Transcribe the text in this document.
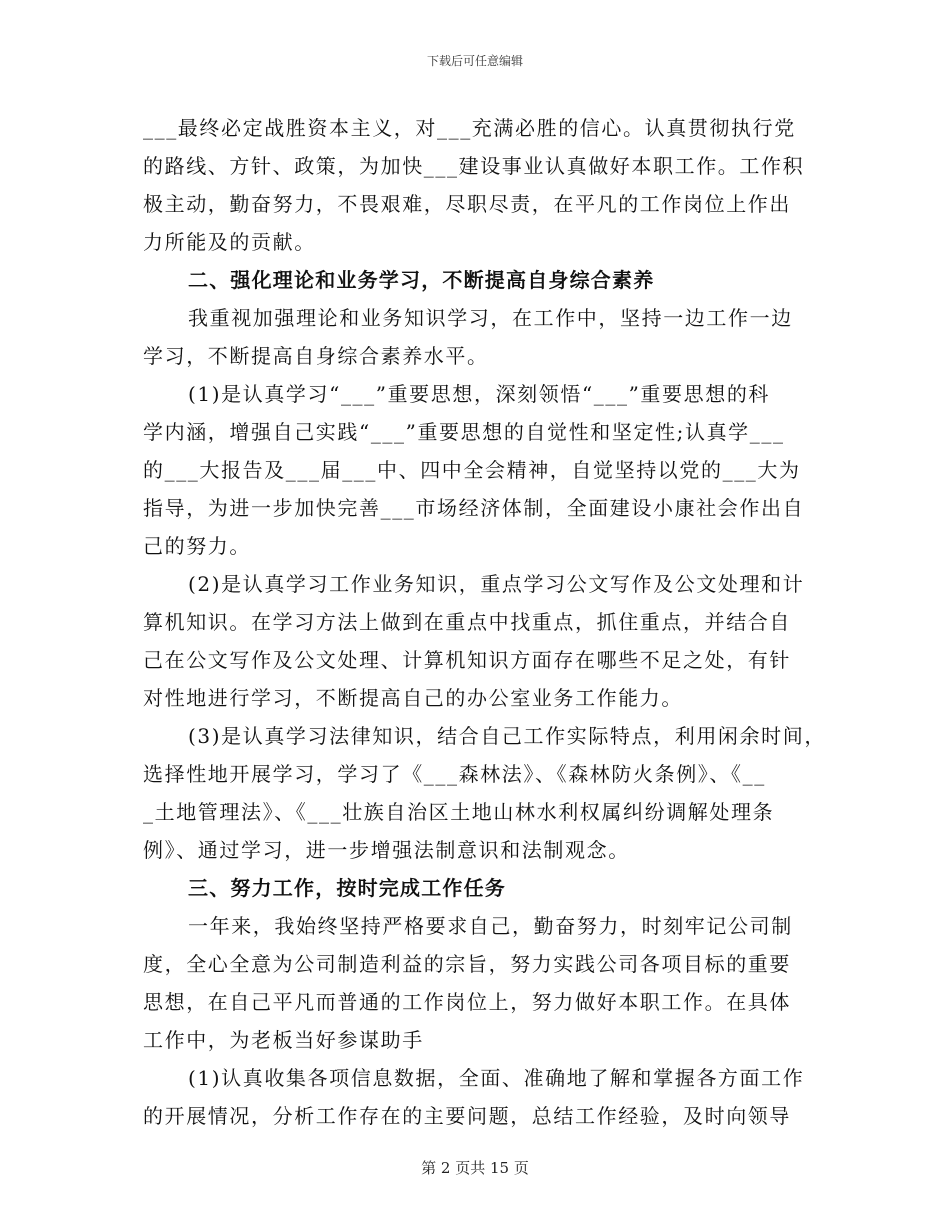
下载后可任意编辑
___最终必定战胜资本主义，对___充满必胜的信心。认真贯彻执行党
的路线、方针、政策，为加快___建设事业认真做好本职工作。工作积
极主动，勤奋努力，不畏艰难，尽职尽责，在平凡的工作岗位上作出
力所能及的贡献。
二、强化理论和业务学习，不断提高自身综合素养
我重视加强理论和业务知识学习，在工作中，坚持一边工作一边
学习，不断提高自身综合素养水平。
(1)是认真学习“___”重要思想，深刻领悟“___”重要思想的科
学内涵，增强自己实践“___”重要思想的自觉性和坚定性;认真学___
的___大报告及___届___中、四中全会精神，自觉坚持以党的___大为
指导，为进一步加快完善___市场经济体制，全面建设小康社会作出自
己的努力。
(2)是认真学习工作业务知识，重点学习公文写作及公文处理和计
算机知识。在学习方法上做到在重点中找重点，抓住重点，并结合自
己在公文写作及公文处理、计算机知识方面存在哪些不足之处，有针
对性地进行学习，不断提高自己的办公室业务工作能力。
(3)是认真学习法律知识，结合自己工作实际特点，利用闲余时间，
选择性地开展学习，学习了《___森林法》、《森林防火条例》、《__
_土地管理法》、《___壮族自治区土地山林水利权属纠纷调解处理条
例》、通过学习，进一步增强法制意识和法制观念。
三、努力工作，按时完成工作任务
一年来，我始终坚持严格要求自己，勤奋努力，时刻牢记公司制
度，全心全意为公司制造利益的宗旨，努力实践公司各项目标的重要
思想，在自己平凡而普通的工作岗位上，努力做好本职工作。在具体
工作中，为老板当好参谋助手
(1)认真收集各项信息数据，全面、准确地了解和掌握各方面工作
的开展情况，分析工作存在的主要问题，总结工作经验，及时向领导
第 2 页共 15 页
